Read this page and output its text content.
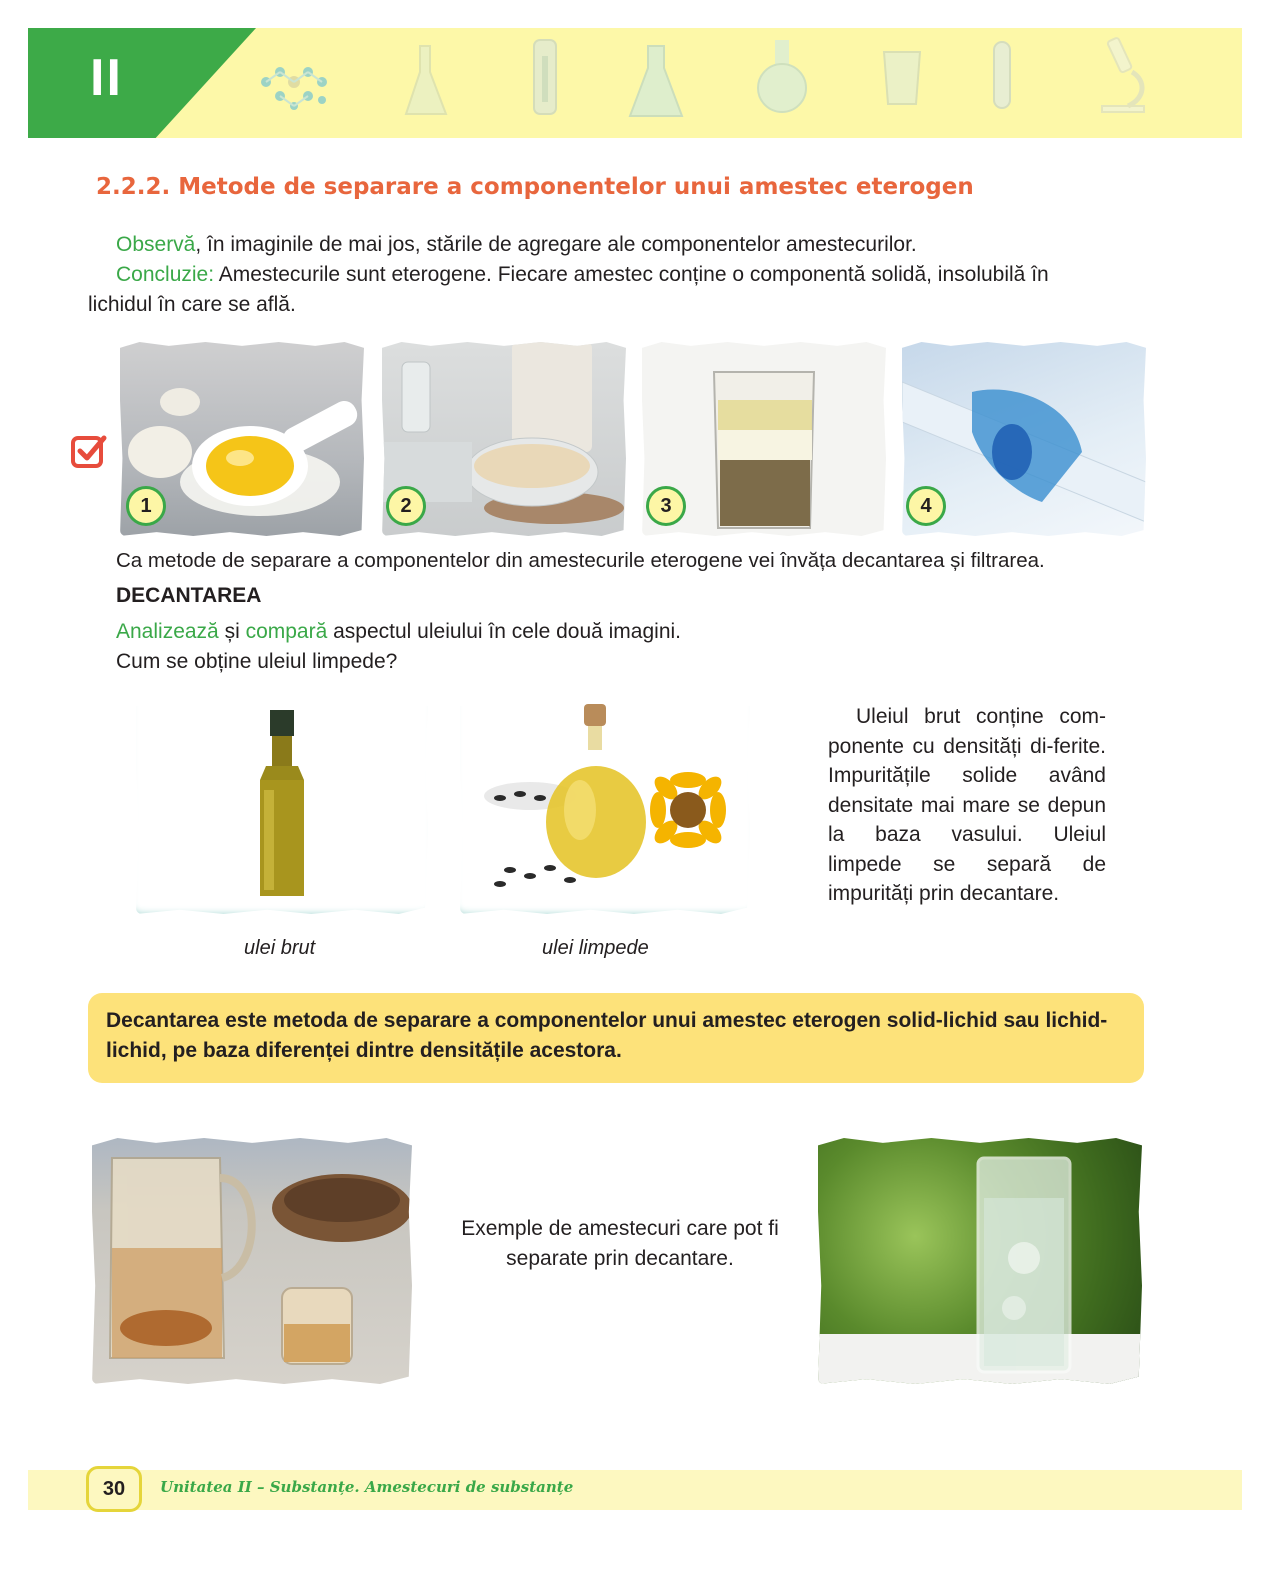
II
2.2.2. Metode de separare a componentelor unui amestec eterogen
Observă, în imaginile de mai jos, stările de agregare ale componentelor amestecurilor.
Concluzie: Amestecurile sunt eterogene. Fiecare amestec conține o componentă solidă, insolubilă în
lichidul în care se află.
1	2	3	4
Ca metode de separare a componentelor din amestecurile eterogene vei învăța decantarea și filtrarea.
DECANTAREA
Analizează și compară aspectul uleiului în cele două imagini.
Cum se obține uleiul limpede?
ulei brut	ulei limpede
Uleiul brut conține com-ponente cu densități di-ferite. Impuritățile solide având densitate mai mare se depun la baza vasului. Uleiul limpede se separă de impurități prin decantare.
Decantarea este metoda de separare a componentelor unui amestec eterogen solid-lichid sau lichid-lichid, pe baza diferenței dintre densitățile acestora.
Exemple de amestecuri care pot fi separate prin decantare.
30	Unitatea II – Substanțe. Amestecuri de substanțe
